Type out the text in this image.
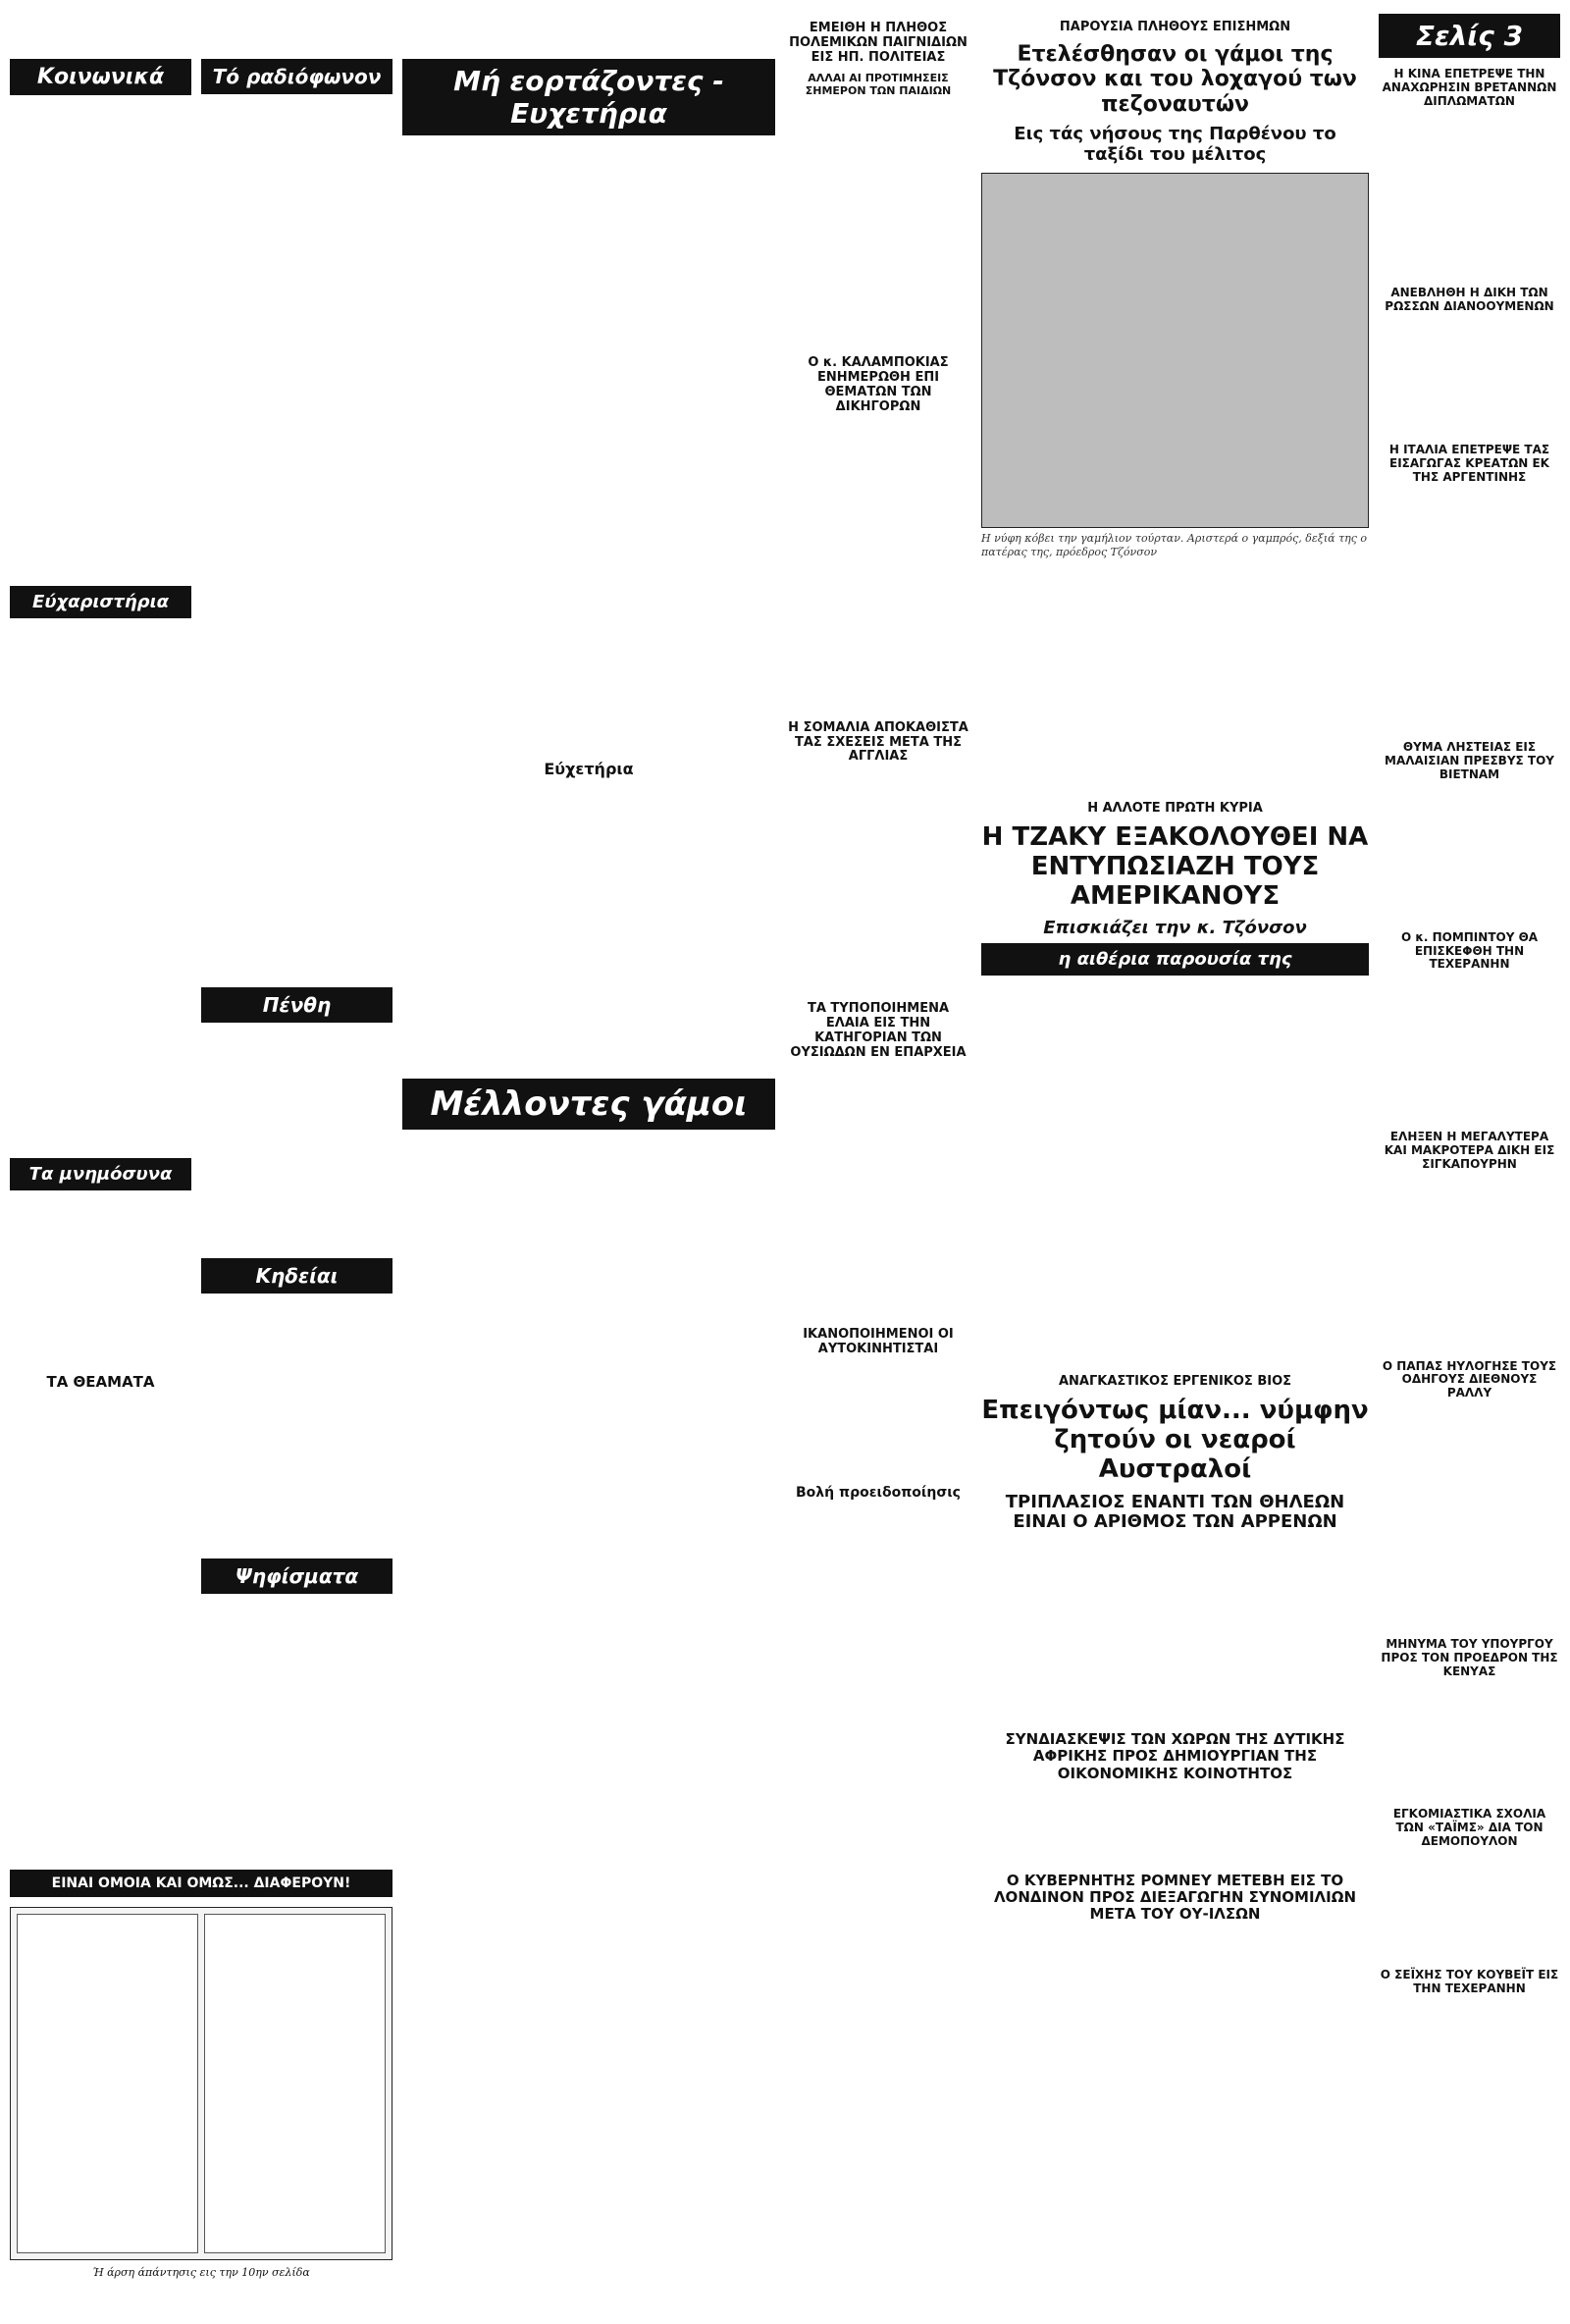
Κοινωνικά
Εύχαριστήρια
Τα μνημόσυνα
ΤΑ ΘΕΑΜΑΤΑ
Τό ραδιόφωνον
Πένθη
Κηδείαι
Ψηφίσματα
Μή εορτάζοντες - Ευχετήρια
Εύχετήρια
Μέλλοντες γάμοι
ΕΜΕΙΘΗ Η ΠΛΗΘΟΣ ΠΟΛΕΜΙΚΩΝ ΠΑΙΓΝΙΔΙΩΝ ΕΙΣ ΗΠ. ΠΟΛΙΤΕΙΑΣ
ΑΛΛΑΙ ΑΙ ΠΡΟΤΙΜΗΣΕΙΣ ΣΗΜΕΡΟΝ ΤΩΝ ΠΑΙΔΙΩΝ
Ο κ. ΚΑΛΑΜΠΟΚΙΑΣ ΕΝΗΜΕΡΩΘΗ ΕΠΙ ΘΕΜΑΤΩΝ ΤΩΝ ΔΙΚΗΓΟΡΩΝ
Η ΣΟΜΑΛΙΑ ΑΠΟΚΑΘΙΣΤΑ ΤΑΣ ΣΧΕΣΕΙΣ ΜΕΤΑ ΤΗΣ ΑΓΓΛΙΑΣ
ΤΑ ΤΥΠΟΠΟΙΗΜΕΝΑ ΕΛΑΙΑ ΕΙΣ ΤΗΝ ΚΑΤΗΓΟΡΙΑΝ ΤΩΝ ΟΥΣΙΩΔΩΝ ΕΝ ΕΠΑΡΧΕΙΑ
ΙΚΑΝΟΠΟΙΗΜΕΝΟΙ ΟΙ ΑΥΤΟΚΙΝΗΤΙΣΤΑΙ
Βολή προειδοποίησις
ΠΑΡΟΥΣΙΑ ΠΛΗΘΟΥΣ ΕΠΙΣΗΜΩΝ
Ετελέσθησαν οι γάμοι της Τζόνσον και του λοχαγού των πεζοναυτών
Εις τάς νήσους της Παρθένου το ταξίδι του μέλιτος
Η νύφη κόβει την γαμήλιον τούρταν. Αριστερά ο γαμπρός, δεξιά της ο πατέρας της, πρόεδρος Τζόνσον
Η ΑΛΛΟΤΕ ΠΡΩΤΗ ΚΥΡΙΑ
Η ΤΖΑΚΥ ΕΞΑΚΟΛΟΥΘΕΙ ΝΑ ΕΝΤΥΠΩΣΙΑΖΗ ΤΟΥΣ ΑΜΕΡΙΚΑΝΟΥΣ
Επισκιάζει την κ. Τζόνσον
η αιθέρια παρουσία της
ΑΝΑΓΚΑΣΤΙΚΟΣ ΕΡΓΕΝΙΚΟΣ ΒΙΟΣ
Επειγόντως μίαν... νύμφην ζητούν οι νεαροί Αυστραλοί
ΤΡΙΠΛΑΣΙΟΣ ΕΝΑΝΤΙ ΤΩΝ ΘΗΛΕΩΝ ΕΙΝΑΙ Ο ΑΡΙΘΜΟΣ ΤΩΝ ΑΡΡΕΝΩΝ
ΣΥΝΔΙΑΣΚΕΨΙΣ ΤΩΝ ΧΩΡΩΝ ΤΗΣ ΔΥΤΙΚΗΣ ΑΦΡΙΚΗΣ ΠΡΟΣ ΔΗΜΙΟΥΡΓΙΑΝ ΤΗΣ ΟΙΚΟΝΟΜΙΚΗΣ ΚΟΙΝΟΤΗΤΟΣ
Ο ΚΥΒΕΡΝΗΤΗΣ ΡΟΜΝΕΥ ΜΕΤΕΒΗ ΕΙΣ ΤΟ ΛΟΝΔΙΝΟΝ ΠΡΟΣ ΔΙΕΞΑΓΩΓΗΝ ΣΥΝΟΜΙΛΙΩΝ ΜΕΤΑ ΤΟΥ ΟΥ-ΙΛΣΩΝ
Σελίς 3
Η ΚΙΝΑ ΕΠΕΤΡΕΨΕ ΤΗΝ ΑΝΑΧΩΡΗΣΙΝ ΒΡΕΤΑΝΝΩΝ ΔΙΠΛΩΜΑΤΩΝ
ΑΝΕΒΛΗΘΗ Η ΔΙΚΗ ΤΩΝ ΡΩΣΣΩΝ ΔΙΑΝΟΟΥΜΕΝΩΝ
Η ΙΤΑΛΙΑ ΕΠΕΤΡΕΨΕ ΤΑΣ ΕΙΣΑΓΩΓΑΣ ΚΡΕΑΤΩΝ ΕΚ ΤΗΣ ΑΡΓΕΝΤΙΝΗΣ
ΘΥΜΑ ΛΗΣΤΕΙΑΣ ΕΙΣ ΜΑΛΑΙΣΙΑΝ ΠΡΕΣΒΥΣ ΤΟΥ ΒΙΕΤΝΑΜ
Ο κ. ΠΟΜΠΙΝΤΟΥ ΘΑ ΕΠΙΣΚΕΦΘΗ ΤΗΝ ΤΕΧΕΡΑΝΗΝ
ΕΛΗΞΕΝ Η ΜΕΓΑΛΥΤΕΡΑ ΚΑΙ ΜΑΚΡΟΤΕΡΑ ΔΙΚΗ ΕΙΣ ΣΙΓΚΑΠΟΥΡΗΝ
Ο ΠΑΠΑΣ ΗΥΛΟΓΗΣΕ ΤΟΥΣ ΟΔΗΓΟΥΣ ΔΙΕΘΝΟΥΣ ΡΑΛΛΥ
ΜΗΝΥΜΑ ΤΟΥ ΥΠΟΥΡΓΟΥ ΠΡΟΣ ΤΟΝ ΠΡΟΕΔΡΟΝ ΤΗΣ ΚΕΝΥΑΣ
ΕΓΚΟΜΙΑΣΤΙΚΑ ΣΧΟΛΙΑ ΤΩΝ «ΤΑΪΜΣ» ΔΙΑ ΤΟΝ ΔΕΜΟΠΟΥΛΟΝ
Ο ΣΕΪΧΗΣ ΤΟΥ ΚΟΥΒΕΪΤ ΕΙΣ ΤΗΝ ΤΕΧΕΡΑΝΗΝ
ΕΙΝΑΙ ΟΜΟΙΑ ΚΑΙ ΟΜΩΣ... ΔΙΑΦΕΡΟΥΝ!
Ή άρση άπάντησις εις την 10ην σελίδα
